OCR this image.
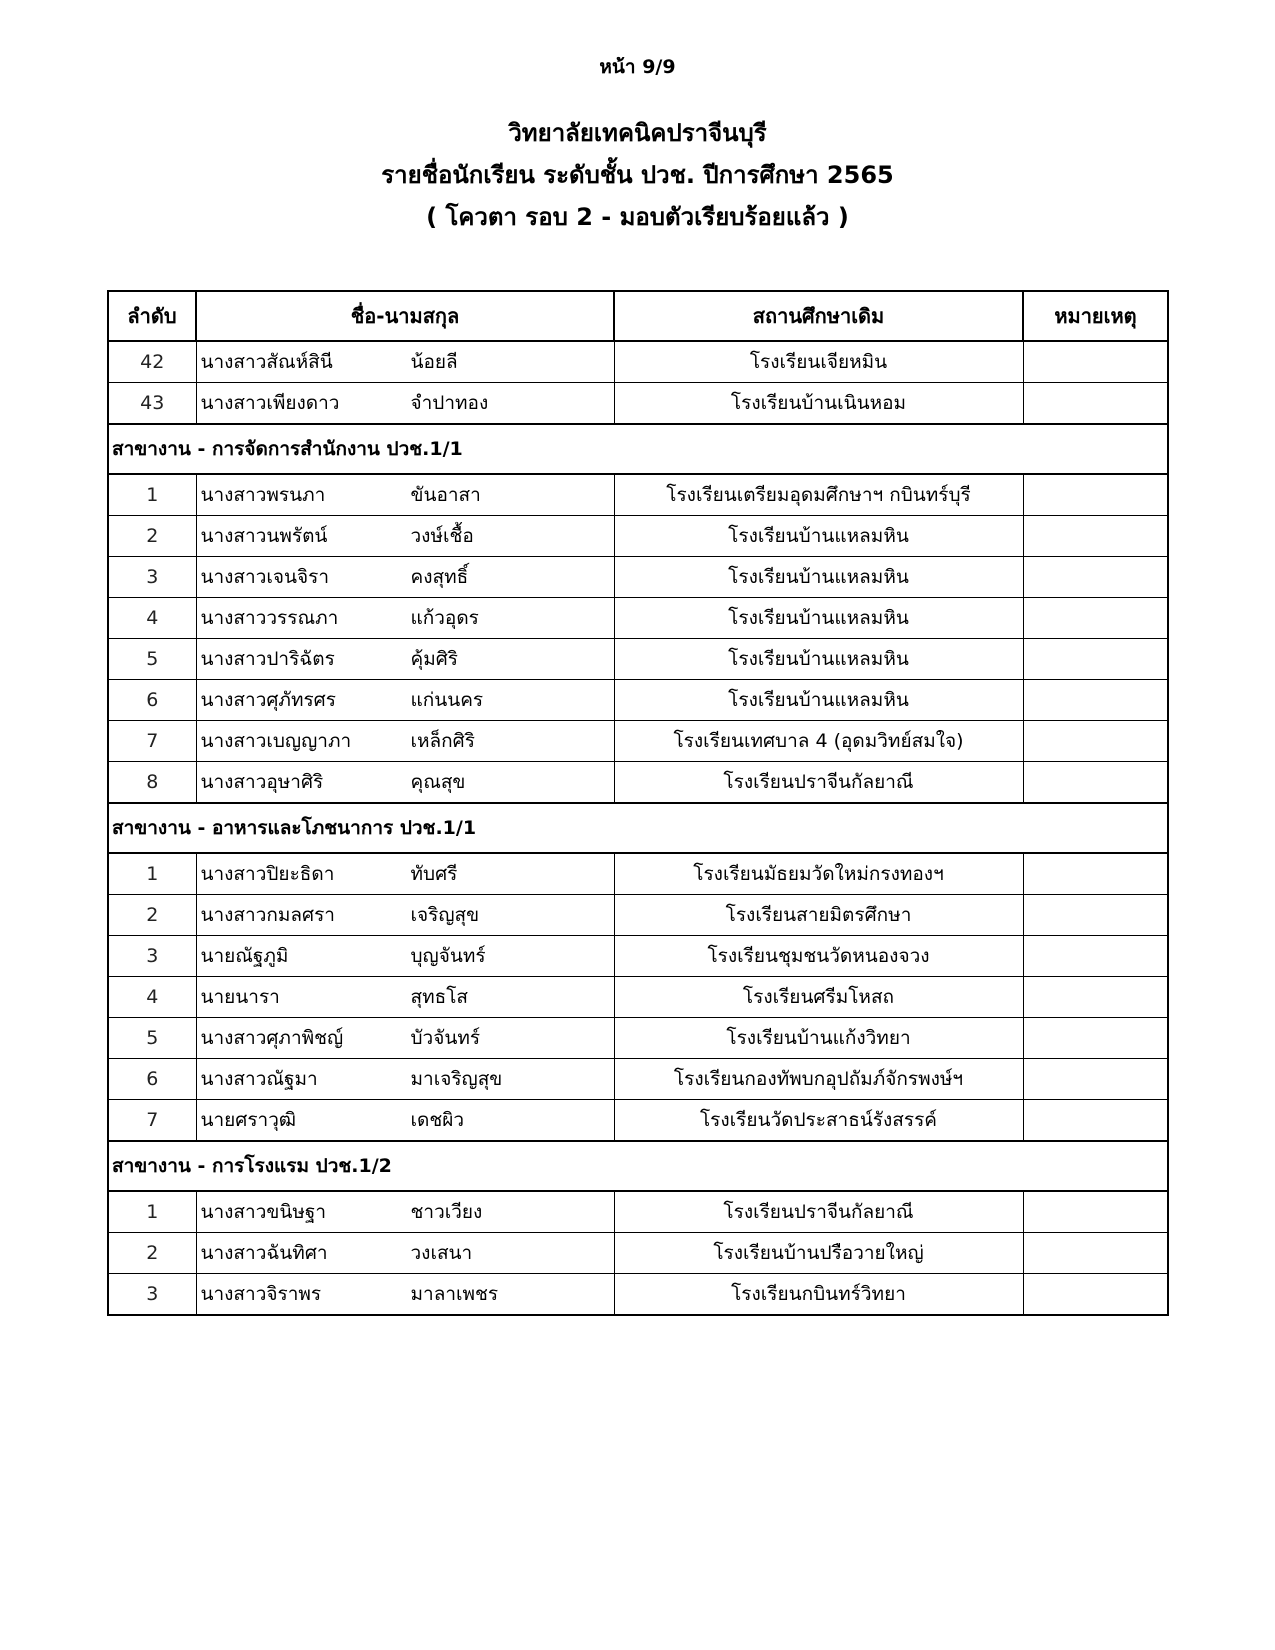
หน้า 9/9
วิทยาลัยเทคนิคปราจีนบุรี
รายชื่อนักเรียน ระดับชั้น ปวช. ปีการศึกษา 2565
( โควตา รอบ 2 - มอบตัวเรียบร้อยแล้ว )
ลำดับ	ชื่อ-นามสกุล	สถานศึกษาเดิม	หมายเหตุ
42	นางสาวสัณห์สินี น้อยลี	โรงเรียนเจียหมิน	
43	นางสาวเพียงดาว จำปาทอง	โรงเรียนบ้านเนินหอม	
สาขางาน - การจัดการสำนักงาน ปวช.1/1			
1	นางสาวพรนภา ขันอาสา	โรงเรียนเตรียมอุดมศึกษาฯ กบินทร์บุรี	
2	นางสาวนพรัตน์ วงษ์เชื้อ	โรงเรียนบ้านแหลมหิน	
3	นางสาวเจนจิรา คงสุทธิ์	โรงเรียนบ้านแหลมหิน	
4	นางสาววรรณภา แก้วอุดร	โรงเรียนบ้านแหลมหิน	
5	นางสาวปาริฉัตร คุ้มศิริ	โรงเรียนบ้านแหลมหิน	
6	นางสาวศุภัทรศร แก่นนคร	โรงเรียนบ้านแหลมหิน	
7	นางสาวเบญญาภา เหล็กศิริ	โรงเรียนเทศบาล 4 (อุดมวิทย์สมใจ)	
8	นางสาวอุษาศิริ คุณสุข	โรงเรียนปราจีนกัลยาณี	
สาขางาน - อาหารและโภชนาการ ปวช.1/1			
1	นางสาวปิยะธิดา ทับศรี	โรงเรียนมัธยมวัดใหม่กรงทองฯ	
2	นางสาวกมลศรา เจริญสุข	โรงเรียนสายมิตรศึกษา	
3	นายณัฐภูมิ บุญจันทร์	โรงเรียนชุมชนวัดหนองจวง	
4	นายนารา สุทธโส	โรงเรียนศรีมโหสถ	
5	นางสาวศุภาพิชญ์ บัวจันทร์	โรงเรียนบ้านแก้งวิทยา	
6	นางสาวณัฐมา มาเจริญสุข	โรงเรียนกองทัพบกอุปถัมภ์จักรพงษ์ฯ	
7	นายศราวุฒิ เดชผิว	โรงเรียนวัดประสาธน์รังสรรค์	
สาขางาน - การโรงแรม ปวช.1/2			
1	นางสาวขนิษฐา ชาวเวียง	โรงเรียนปราจีนกัลยาณี	
2	นางสาวฉันทิศา วงเสนา	โรงเรียนบ้านปรือวายใหญ่	
3	นางสาวจิราพร มาลาเพชร	โรงเรียนกบินทร์วิทยา	
